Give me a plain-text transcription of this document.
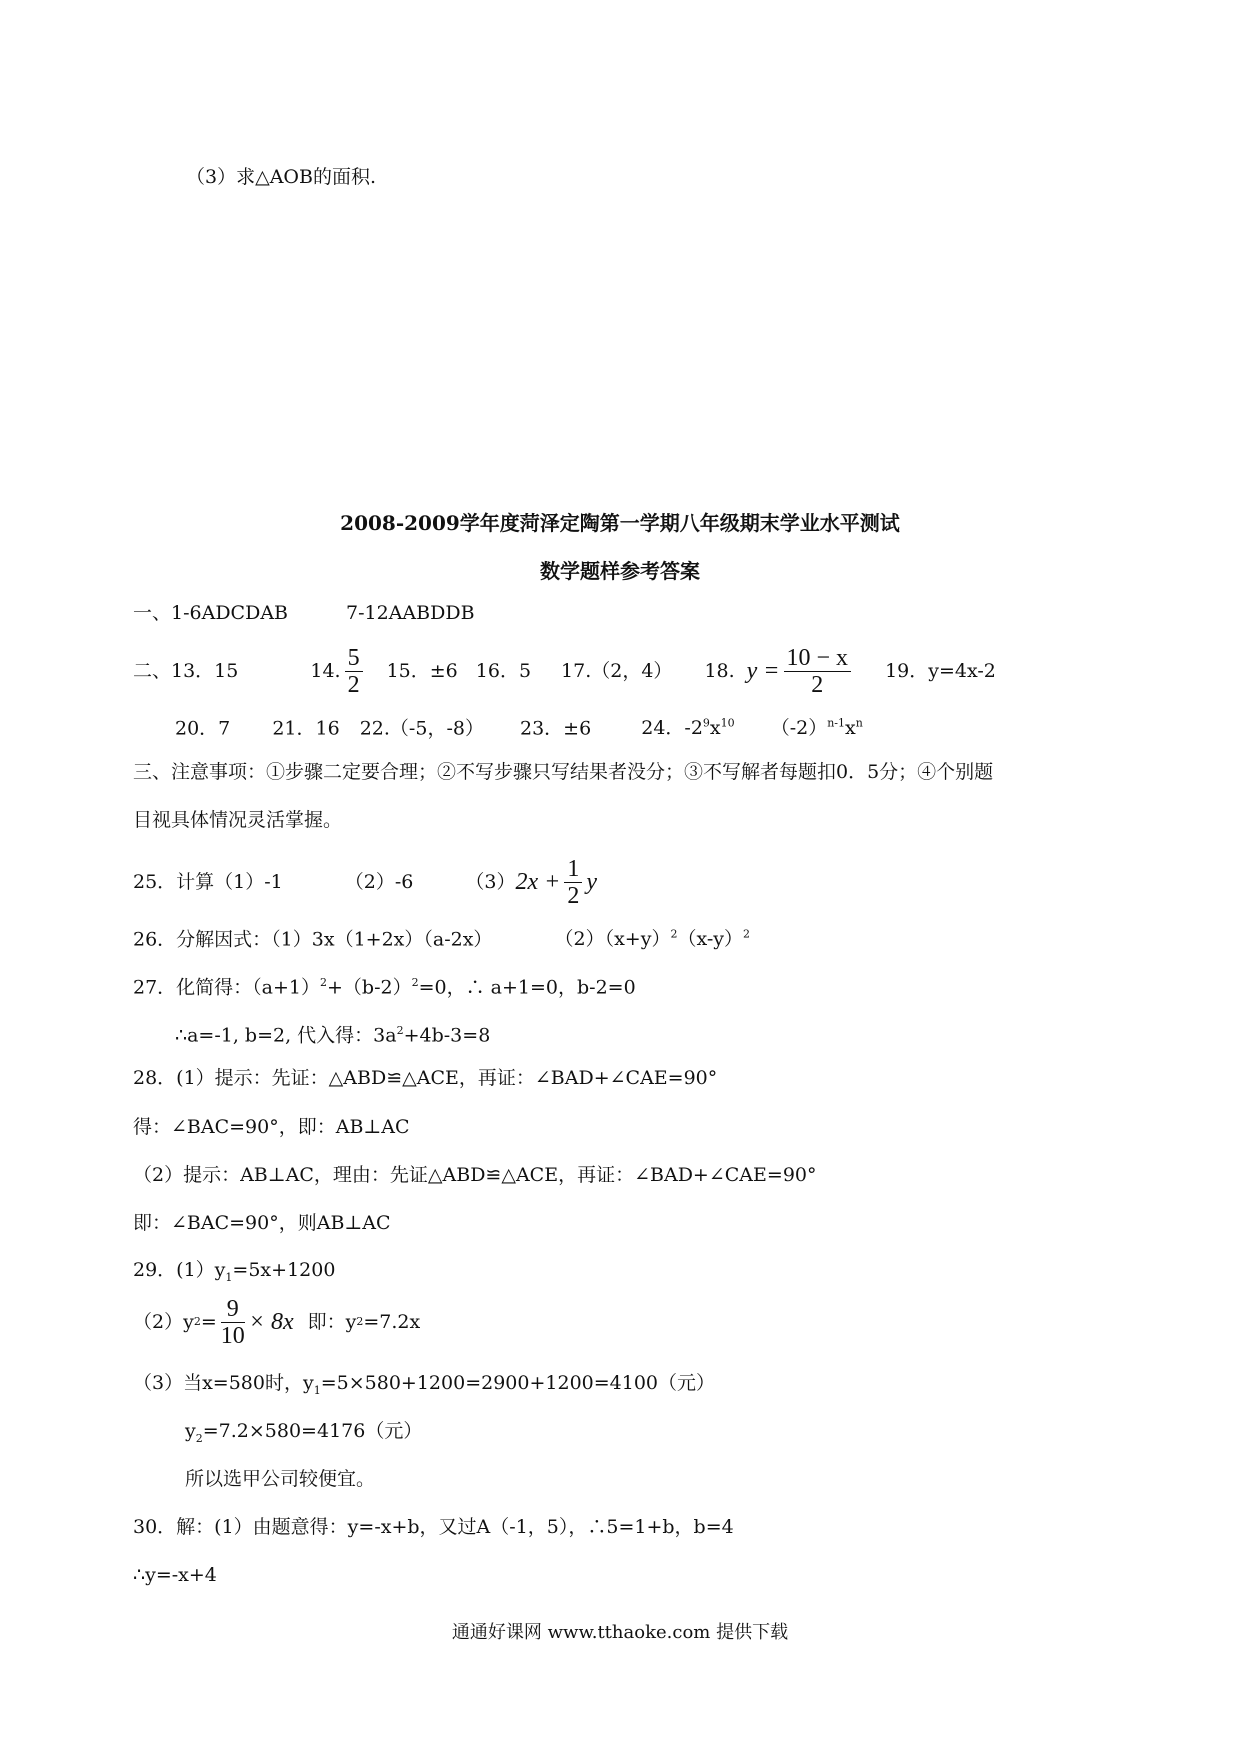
（3）求△AOB的面积.
2008-2009学年度菏泽定陶第一学期八年级期末学业水平测试
数学题样参考答案
一、1-6ADCDAB	7-12AABDDB
二、13．15	14. $\frac{5}{2} 15$．±6 16．5 17.（2，4） 18. $y = \frac{10 - x}{2} 19$．y=4x-2
20．7 21．16 22.（-5，-8） 23．±6	24．$-2^9x^{10}$ $(-2)^{n-1}x^n$
三、注意事项：①步骤二定要合理；②不写步骤只写结果者没分；③不写解者每题扣0．5分；④个别题
目视具体情况灵活掌握。
25．计算（1）-1	（2）-6	（3） $2x + \frac{1}{2}$ y
26．分解因式：（1）3x（1+2x）（a-2x）	$(2)(x+y)^2(x-y)^2$
27．化简得：$(a+1)^2+(b-2)^2=0$，∴ a+1=0，b-2=0
∴a=-1, b=2, 代入得：$3a^2+4b-3=8$
28．(1）提示：先证：△ABD≌△ACE，再证：∠BAD+∠CAE=90°
得：∠BAC=90°，即：AB⊥AC
（2）提示：AB⊥AC，理由：先证△ABD≌△ACE，再证：∠BAD+∠CAE=90°
即：∠BAC=90°，则AB⊥AC
29．$(1)y_1=5x+1200$
（2）y $2 = \frac{9}{10} \times 8x$ 即：y 2 =7.2x
（3）当x=580时，$y_1=5\times 580+1200=2900+1200=4100$（元）
$y_2=7.2\times 580=4176$（元）
所以选甲公司较便宜。
30．解：(1）由题意得：y=-x+b，又过A（-1，5），∴5=1+b，b=4
∴y=-x+4
通通好课网 www.tthaoke.com 提供下载
